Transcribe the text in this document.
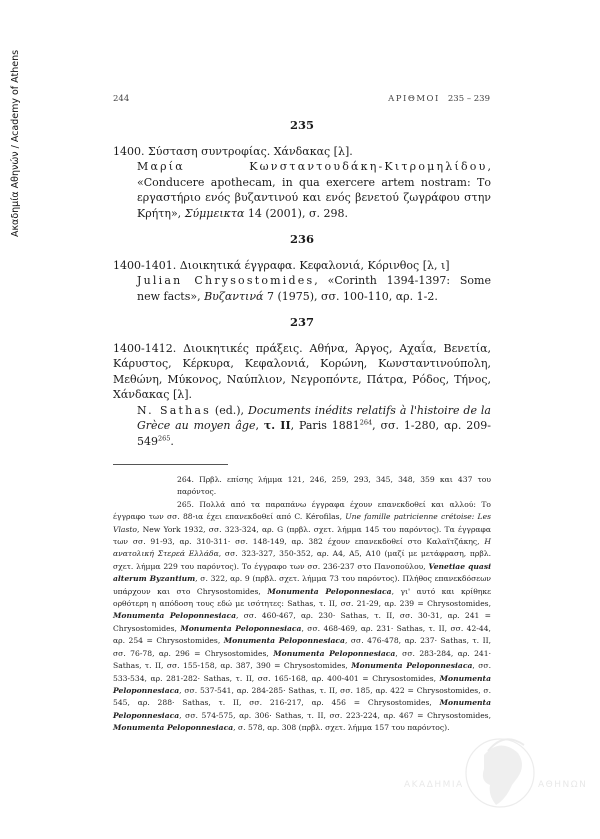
Ακαδημία Αθηνών / Academy of Athens	244	ΑΡΙΘΜΟΙ 235 – 239
235

1400. Σύσταση συντροφίας. Χάνδακας [λ].

Μαρία Κωνσταντουδάκη-Κιτρομηλίδου, «Conducere apothecam, in qua exercere artem nostram: Το εργαστήριο ενός βυζαντινού και ενός βενετού ζωγράφου στην Κρήτη», Σύμμεικτα 14 (2001), σ. 298.

236

1400-1401. Διοικητικά έγγραφα. Κεφαλονιά, Κόρινθος [λ, ι]

Julian Chrysostomides, «Corinth 1394-1397: Some new facts», Βυζαντινά 7 (1975), σσ. 100-110, αρ. 1-2.

237

1400-1412. Διοικητικές πράξεις. Αθήνα, Άργος, Αχαΐα, Βενετία, Κάρυστος, Κέρκυρα, Κεφαλονιά, Κορώνη, Κωνσταντινούπολη, Μεθώνη, Μύκονος, Ναύπλιον, Νεγροπόντε, Πάτρα, Ρόδος, Τήνος, Χάνδακας [λ].

N. Sathas (ed.), Documents inédits relatifs à l'histoire de la Grèce au moyen âge, τ. II, Paris 1881$^{264}$, σσ. 1-280, αρ. $209-549^{265}$.

264. Πρβλ. επίσης λήμμα 121, 246, 259, 293, 345, 348, 359 και 437 του παρόντος.

265. Πολλά από τα παραπάνω έγγραφα έχουν επανεκδοθεί και αλλού: Το έγγραφο των σσ. 88-ια έχει επανεκδοθεί από C. Kérofilas, Une famille patricienne crétoise: Les Vlasto, New York 1932, σσ. 323-324, αρ. G (πρβλ. σχετ. λήμμα 145 του παρόντος). Τα έγγραφα των σσ. 91-93, αρ. 310-311· σσ. 148-149, αρ. 382 έχουν επανεκδοθεί στο Καλαϊτζάκης, Η ανατολική Στερεά Ελλάδα, σσ. 323-327, 350-352, αρ. Α4, Α5, Α10 (μαζί με μετάφραση, πρβλ. σχετ. λήμμα 229 του παρόντος). Το έγγραφο των σσ. 236-237 στο Πανοπούλου, Venetiae quasi alterum Byzantium, σ. 322, αρ. 9 (πρβλ. σχετ. λήμμα 73 του παρόντος). Πλήθος επανεκδόσεων υπάρχουν και στο Chrysostomides, Monumenta Peloponnesiaca, γι' αυτό και κρίθηκε ορθότερη η απόδοση τους εδώ με ισότητες: Sathas, τ. II, σσ. 21-29, αρ. 239 = Chrysostomides, Monumenta Peloponnesiaca, σσ. 460-467, αρ. 230· Sathas, τ. II, σσ. 30-31, αρ. 241 = Chrysostomides, Monumenta Peloponnesiaca, σσ. 468-469, αρ. 231· Sathas, τ. II, σσ. 42-44, αρ. 254 = Chrysostomides, Monumenta Peloponnesiaca, σσ. 476-478, αρ. 237· Sathas, τ. II, σσ. 76-78, αρ. 296 = Chrysostomides, Monumenta Peloponnesiaca, σσ. 283-284, αρ. 241· Sathas, τ. II, σσ. 155-158, αρ. 387, 390 = Chrysostomides, Monumenta Peloponnesiaca, σσ. 533-534, αρ. 281-282· Sathas, τ. II, σσ. 165-168, αρ. 400-401 = Chrysostomides, Monumenta Peloponnesiaca, σσ. 537-541, αρ. 284-285· Sathas, τ. II, σσ. 185, αρ. 422 = Chrysostomides, σ. 545, αρ. 288· Sathas, τ. II, σσ. 216-217, αρ. 456 = Chrysostomides, Monumenta Peloponnesiaca, σσ. 574-575, αρ. 306· Sathas, τ. II, σσ. 223-224, αρ. 467 = Chrysostomides, Monumenta Peloponnesiaca, σ. 578, αρ. 308 (πρβλ. σχετ. λήμμα 157 του παρόντος).

ΑΚΑΔΗΜΙΑ	ΑΘΗΝΩΝ
